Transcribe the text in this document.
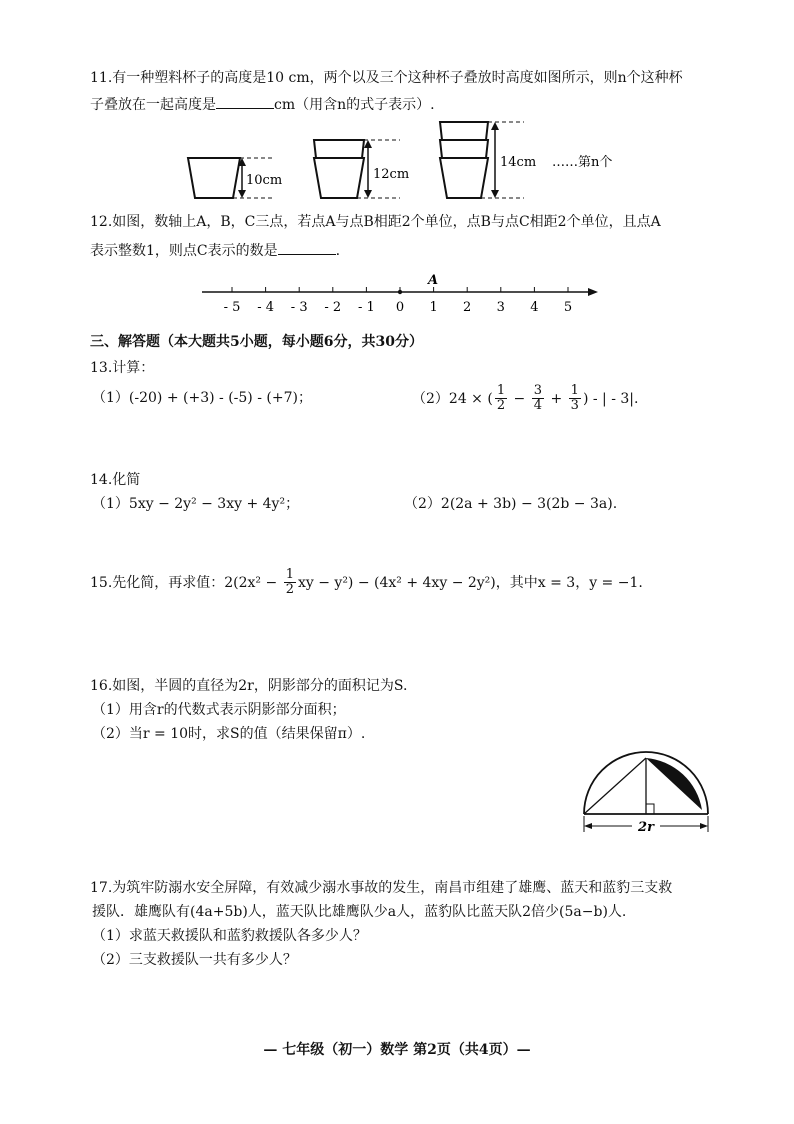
11.有一种塑料杯子的高度是10 cm，两个以及三个这种杯子叠放时高度如图所示，则n个这种杯
子叠放在一起高度是	cm（用含n的式子表示）.
10cm	12cm
14cm ……第n个
12.如图，数轴上A，B，C三点，若点A与点B相距2个单位，点B与点C相距2个单位，且点A
表示整数1，则点C表示的数是	.
A
- 5 - 4 - 3 - 2 - 1 0 1 2 3 4 5
三、解答题（本大题共5小题，每小题6分，共30分）
13.计算：
（1）(-20) + (+3) - (-5) - (+7)；	（2）24 × ( $\frac{1}{2} - \frac{3}{4} + \frac{1}{3}$ ) - | - 3|.
14.化简
（1）5xy − 2y² − 3xy + 4y²；	（2）2(2a + 3b) − 3(2b − 3a).
15. 先化简，再求值：$2(2x^2 - \frac{1}{2}$ xy − y²) − (4x² + 4xy − 2y²)，其中x = 3，y = −1.
16.如图，半圆的直径为2r，阴影部分的面积记为S.
（1）用含r的代数式表示阴影部分面积；
（2）当r = 10时，求S的值（结果保留π）.
2r
17.为筑牢防溺水安全屏障，有效减少溺水事故的发生，南昌市组建了雄鹰、蓝天和蓝豹三支救
援队．雄鹰队有(4a+5b)人，蓝天队比雄鹰队少a人，蓝豹队比蓝天队2倍少(5a−b)人.
（1）求蓝天救援队和蓝豹救援队各多少人？
（2）三支救援队一共有多少人？
— 七年级（初一）数学 第2页（共4页）—
